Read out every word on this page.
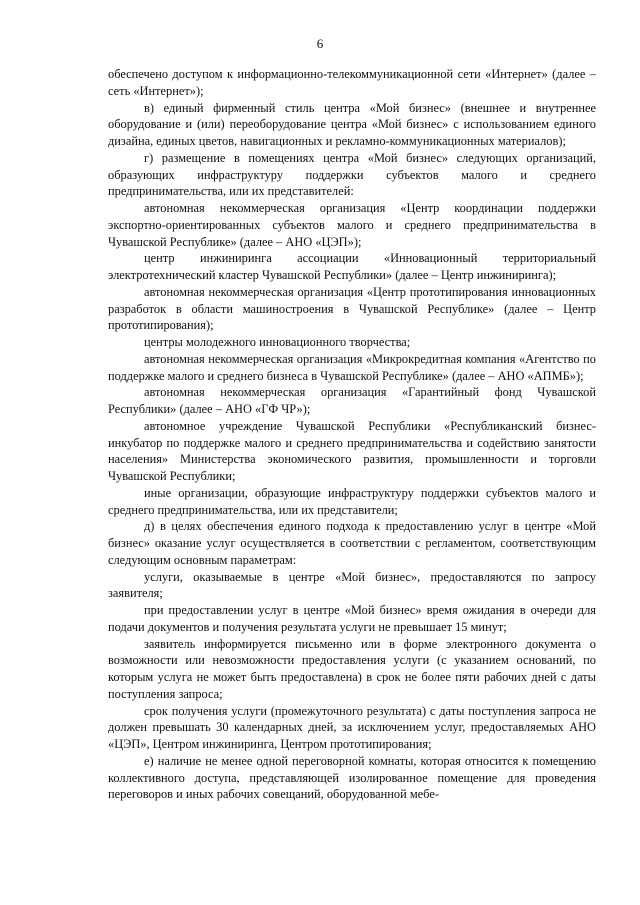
6

обеспечено доступом к информационно-телекоммуникационной сети «Интернет» (далее – сеть «Интернет»);

в) единый фирменный стиль центра «Мой бизнес» (внешнее и внутреннее оборудование и (или) переоборудование центра «Мой бизнес» с использованием единого дизайна, единых цветов, навигационных и рекламно-коммуникационных материалов);

г) размещение в помещениях центра «Мой бизнес» следующих организаций, образующих инфраструктуру поддержки субъектов малого и среднего предпринимательства, или их представителей:

автономная некоммерческая организация «Центр координации поддержки экспортно-ориентированных субъектов малого и среднего предпринимательства в Чувашской Республике» (далее – АНО «ЦЭП»);

центр инжиниринга ассоциации «Инновационный территориальный электротехнический кластер Чувашской Республики» (далее – Центр инжиниринга);

автономная некоммерческая организация «Центр прототипирования инновационных разработок в области машиностроения в Чувашской Республике» (далее – Центр прототипирования);

центры молодежного инновационного творчества;

автономная некоммерческая организация «Микрокредитная компания «Агентство по поддержке малого и среднего бизнеса в Чувашской Республике» (далее – АНО «АПМБ»);

автономная некоммерческая организация «Гарантийный фонд Чувашской Республики» (далее – АНО «ГФ ЧР»);

автономное учреждение Чувашской Республики «Республиканский бизнес-инкубатор по поддержке малого и среднего предпринимательства и содействию занятости населения» Министерства экономического развития, промышленности и торговли Чувашской Республики;

иные организации, образующие инфраструктуру поддержки субъектов малого и среднего предпринимательства, или их представители;

д) в целях обеспечения единого подхода к предоставлению услуг в центре «Мой бизнес» оказание услуг осуществляется в соответствии с регламентом, соответствующим следующим основным параметрам:

услуги, оказываемые в центре «Мой бизнес», предоставляются по запросу заявителя;

при предоставлении услуг в центре «Мой бизнес» время ожидания в очереди для подачи документов и получения результата услуги не превышает 15 минут;

заявитель информируется письменно или в форме электронного документа о возможности или невозможности предоставления услуги (с указанием оснований, по которым услуга не может быть предоставлена) в срок не более пяти рабочих дней с даты поступления запроса;

срок получения услуги (промежуточного результата) с даты поступления запроса не должен превышать 30 календарных дней, за исключением услуг, предоставляемых АНО «ЦЭП», Центром инжиниринга, Центром прототипирования;

е) наличие не менее одной переговорной комнаты, которая относится к помещению коллективного доступа, представляющей изолированное помещение для проведения переговоров и иных рабочих совещаний, оборудованной мебе-
